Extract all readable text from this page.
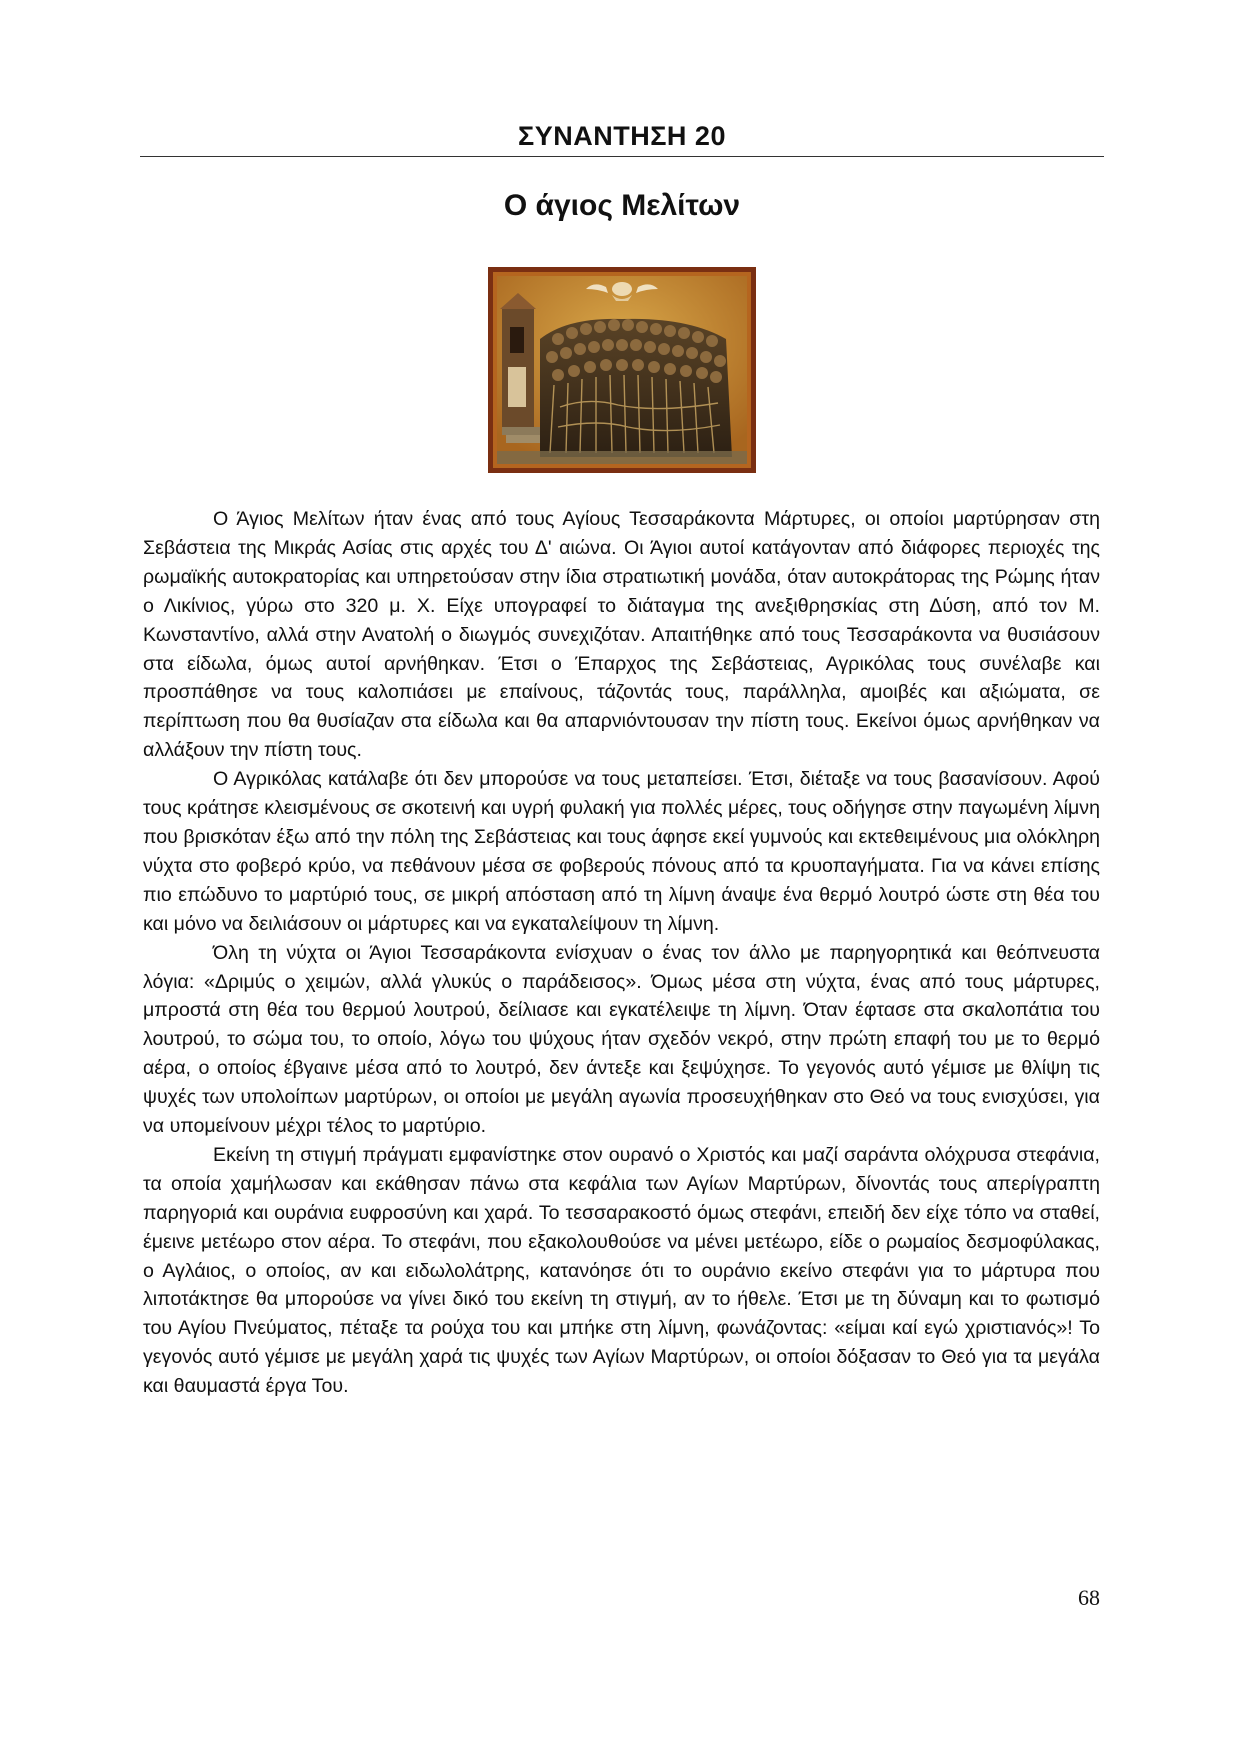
ΣΥΝΑΝΤΗΣΗ 20
Ο άγιος Μελίτων

Ο Άγιος Μελίτων ήταν ένας από τους Αγίους Τεσσαράκοντα Μάρτυρες, οι οποίοι μαρτύρησαν στη Σεβάστεια της Μικράς Ασίας στις αρχές του Δ' αιώνα. Οι Άγιοι αυτοί κατάγονταν από διάφορες περιοχές της ρωμαϊκής αυτοκρατορίας και υπηρετούσαν στην ίδια στρατιωτική μονάδα, όταν αυτοκράτορας της Ρώμης ήταν ο Λικίνιος, γύρω στο 320 μ. Χ. Είχε υπογραφεί το διάταγμα της ανεξιθρησκίας στη Δύση, από τον Μ. Κωνσταντίνο, αλλά στην Ανατολή ο διωγμός συνεχιζόταν. Απαιτήθηκε από τους Τεσσαράκοντα να θυσιάσουν στα είδωλα, όμως αυτοί αρνήθηκαν. Έτσι ο Έπαρχος της Σεβάστειας, Αγρικόλας τους συνέλαβε και προσπάθησε να τους καλοπιάσει με επαίνους, τάζοντάς τους, παράλληλα, αμοιβές και αξιώματα, σε περίπτωση που θα θυσίαζαν στα είδωλα και θα απαρνιόντουσαν την πίστη τους. Εκείνοι όμως αρνήθηκαν να αλλάξουν την πίστη τους.

Ο Αγρικόλας κατάλαβε ότι δεν μπορούσε να τους μεταπείσει. Έτσι, διέταξε να τους βασανίσουν. Αφού τους κράτησε κλεισμένους σε σκοτεινή και υγρή φυλακή για πολλές μέρες, τους οδήγησε στην παγωμένη λίμνη που βρισκόταν έξω από την πόλη της Σεβάστειας και τους άφησε εκεί γυμνούς και εκτεθειμένους μια ολόκληρη νύχτα στο φοβερό κρύο, να πεθάνουν μέσα σε φοβερούς πόνους από τα κρυοπαγήματα. Για να κάνει επίσης πιο επώδυνο το μαρτύριό τους, σε μικρή απόσταση από τη λίμνη άναψε ένα θερμό λουτρό ώστε στη θέα του και μόνο να δειλιάσουν οι μάρτυρες και να εγκαταλείψουν τη λίμνη.

Όλη τη νύχτα οι Άγιοι Τεσσαράκοντα ενίσχυαν ο ένας τον άλλο με παρηγορητικά και θεόπνευστα λόγια: «Δριμύς ο χειμών, αλλά γλυκύς ο παράδεισος». Όμως μέσα στη νύχτα, ένας από τους μάρτυρες, μπροστά στη θέα του θερμού λουτρού, δείλιασε και εγκατέλειψε τη λίμνη. Όταν έφτασε στα σκαλοπάτια του λουτρού, το σώμα του, το οποίο, λόγω του ψύχους ήταν σχεδόν νεκρό, στην πρώτη επαφή του με το θερμό αέρα, ο οποίος έβγαινε μέσα από το λουτρό, δεν άντεξε και ξεψύχησε. Το γεγονός αυτό γέμισε με θλίψη τις ψυχές των υπολοίπων μαρτύρων, οι οποίοι με μεγάλη αγωνία προσευχήθηκαν στο Θεό να τους ενισχύσει, για να υπομείνουν μέχρι τέλος το μαρτύριο.

Εκείνη τη στιγμή πράγματι εμφανίστηκε στον ουρανό ο Χριστός και μαζί σαράντα ολόχρυσα στεφάνια, τα οποία χαμήλωσαν και εκάθησαν πάνω στα κεφάλια των Αγίων Μαρτύρων, δίνοντάς τους απερίγραπτη παρηγοριά και ουράνια ευφροσύνη και χαρά. Το τεσσαρακοστό όμως στεφάνι, επειδή δεν είχε τόπο να σταθεί, έμεινε μετέωρο στον αέρα. Το στεφάνι, που εξακολουθούσε να μένει μετέωρο, είδε ο ρωμαίος δεσμοφύλακας, ο Αγλάιος, ο οποίος, αν και ειδωλολάτρης, κατανόησε ότι το ουράνιο εκείνο στεφάνι για το μάρτυρα που λιποτάκτησε θα μπορούσε να γίνει δικό του εκείνη τη στιγμή, αν το ήθελε. Έτσι με τη δύναμη και το φωτισμό του Αγίου Πνεύματος, πέταξε τα ρούχα του και μπήκε στη λίμνη, φωνάζοντας: «είμαι καί εγώ χριστιανός»! Το γεγονός αυτό γέμισε με μεγάλη χαρά τις ψυχές των Αγίων Μαρτύρων, οι οποίοι δόξασαν το Θεό για τα μεγάλα και θαυμαστά έργα Του.

68
